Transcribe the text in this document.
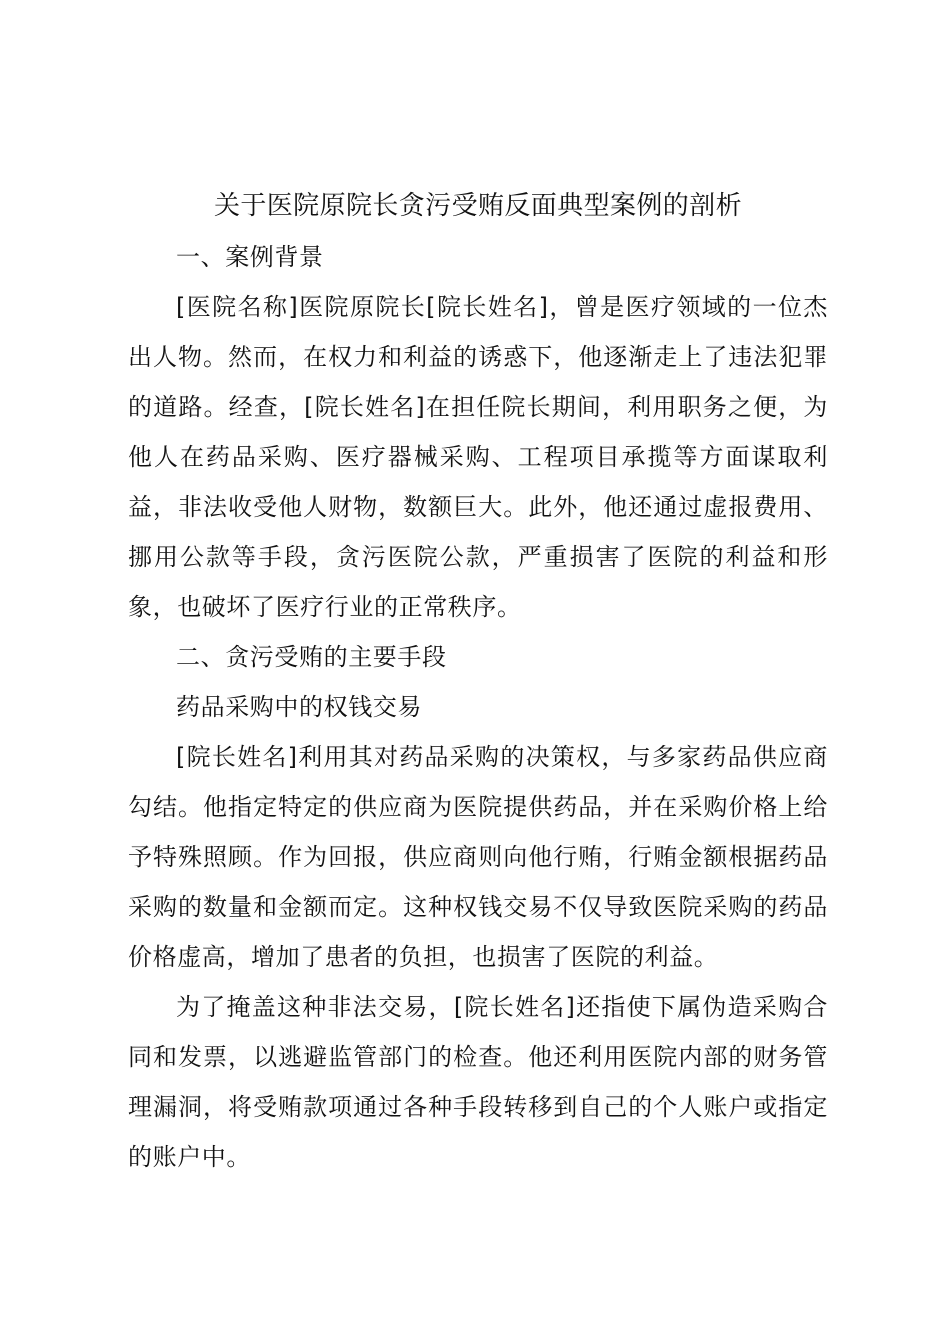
关于医院原院长贪污受贿反面典型案例的剖析

一、案例背景

[医院名称]医院原院长[院长姓名]，曾是医疗领域的一位杰出人物。然而，在权力和利益的诱惑下，他逐渐走上了违法犯罪的道路。经查，[院长姓名]在担任院长期间，利用职务之便，为他人在药品采购、医疗器械采购、工程项目承揽等方面谋取利益，非法收受他人财物，数额巨大。此外，他还通过虚报费用、挪用公款等手段，贪污医院公款，严重损害了医院的利益和形象，也破坏了医疗行业的正常秩序。

二、贪污受贿的主要手段

药品采购中的权钱交易

[院长姓名]利用其对药品采购的决策权，与多家药品供应商勾结。他指定特定的供应商为医院提供药品，并在采购价格上给予特殊照顾。作为回报，供应商则向他行贿，行贿金额根据药品采购的数量和金额而定。这种权钱交易不仅导致医院采购的药品价格虚高，增加了患者的负担，也损害了医院的利益。

为了掩盖这种非法交易，[院长姓名]还指使下属伪造采购合同和发票，以逃避监管部门的检查。他还利用医院内部的财务管理漏洞，将受贿款项通过各种手段转移到自己的个人账户或指定的账户中。
